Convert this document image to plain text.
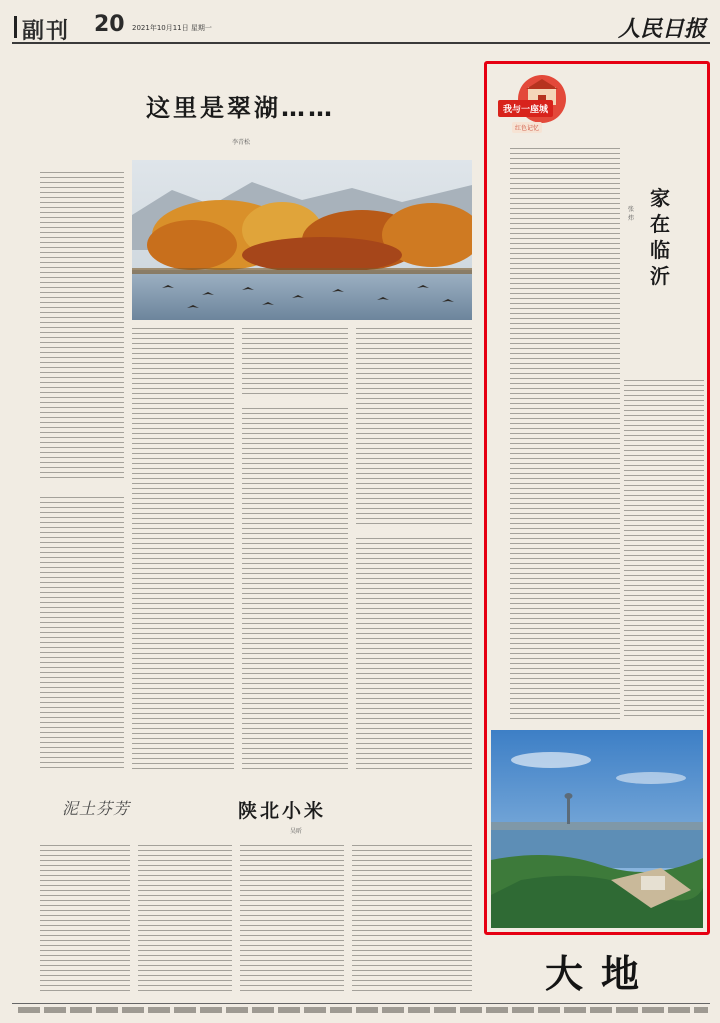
副刊 20 2021年10月11日 星期一	人民日报
这里是翠湖……
李青松
泥土芬芳	陕北小米
吴昕
我与一座城
红色记忆
家在临沂
张炜
大地
